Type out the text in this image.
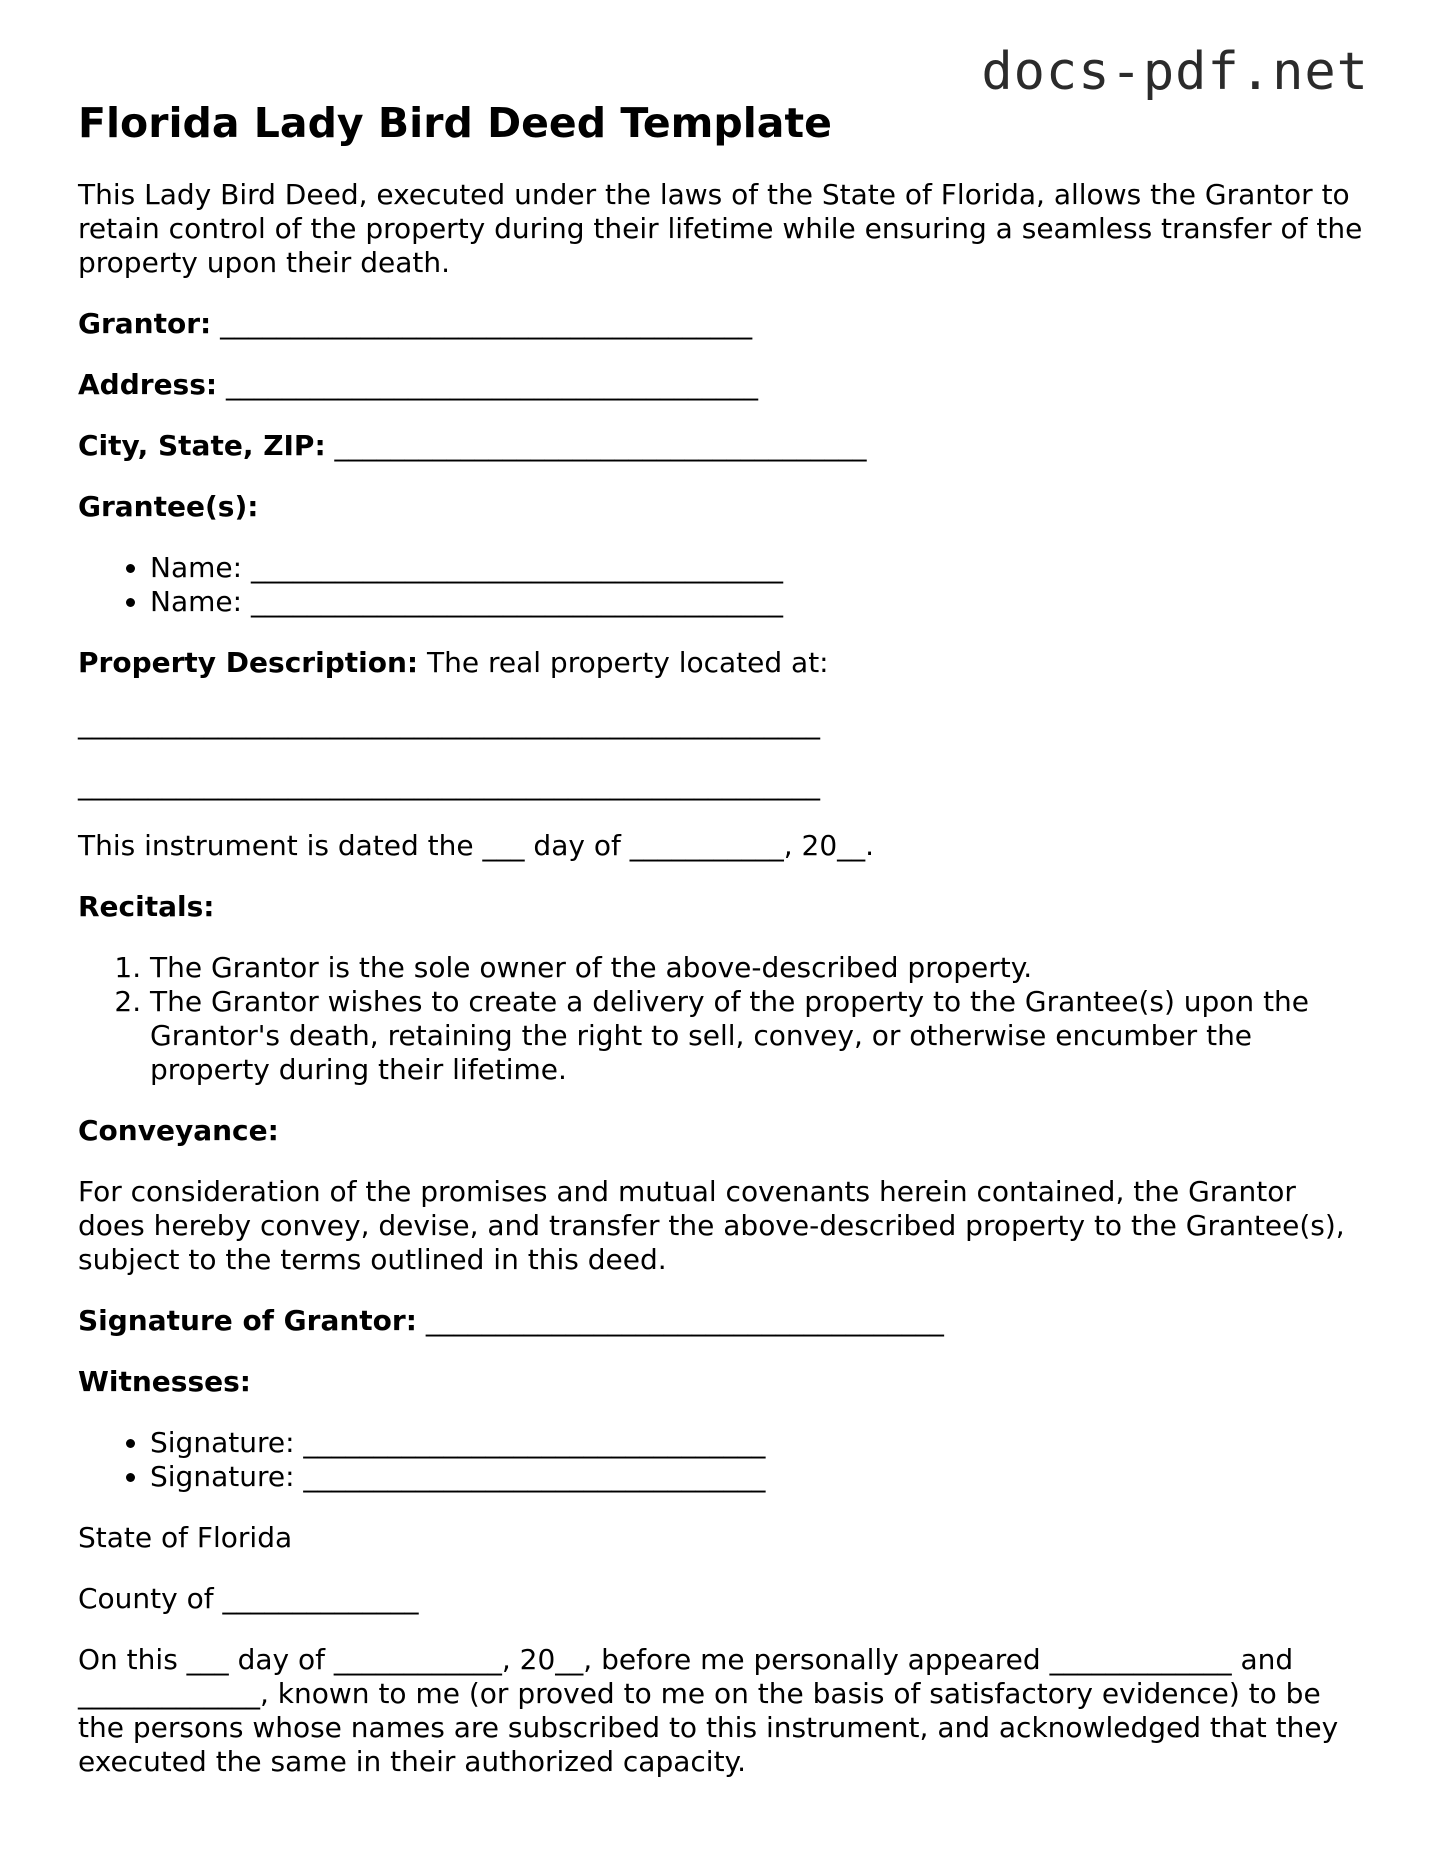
docs-pdf.net
Florida Lady Bird Deed Template

This Lady Bird Deed, executed under the laws of the State of Florida, allows the Grantor to retain control of the property during their lifetime while ensuring a seamless transfer of the property upon their death.

Grantor: ______________________________________

Address: ______________________________________

City, State, ZIP: ______________________________________

Grantee(s):

• Name: ______________________________________
• Name: ______________________________________

Property Description: The real property located at:

_____________________________________________________

_____________________________________________________

This instrument is dated the ___ day of ___________, 20__.

Recitals:

1. The Grantor is the sole owner of the above-described property.
2. The Grantor wishes to create a delivery of the property to the Grantee(s) upon the Grantor's death, retaining the right to sell, convey, or otherwise encumber the property during their lifetime.

Conveyance:

For consideration of the promises and mutual covenants herein contained, the Grantor does hereby convey, devise, and transfer the above-described property to the Grantee(s), subject to the terms outlined in this deed.

Signature of Grantor: _____________________________________

Witnesses:

• Signature: _________________________________
• Signature: _________________________________

State of Florida

County of ______________

On this ___ day of ____________, 20__, before me personally appeared _____________ and _____________, known to me (or proved to me on the basis of satisfactory evidence) to be the persons whose names are subscribed to this instrument, and acknowledged that they executed the same in their authorized capacity.
